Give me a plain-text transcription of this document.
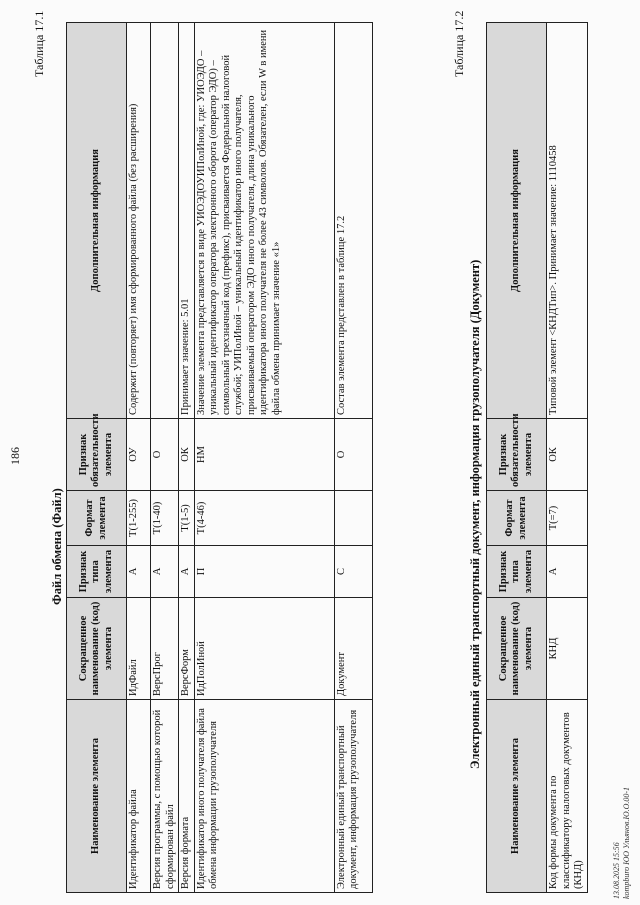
186
Таблица 17.1
Файл обмена (Файл)
Наименование элемента	Сокращенное наименование (код) элемента	Признак типа элемента	Формат элемента	Признак обязательности элемента	Дополнительная информация
Идентификатор файла	ИдФайл	А	T(1-255)	ОУ	Содержит (повторяет) имя сформированного файла (без расширения)
Версия программы, с помощью которой сформирован файл	ВерсПрог	А	T(1-40)	О	
Версия формата	ВерсФорм	А	T(1-5)	ОК	Принимает значение: 5.01
Идентификатор иного получателя файла обмена информации грузополучателя	ИдПолИной	П	T(4-46)	НМ	Значение элемента представляется в виде УИОЭДОУИПолИной, где: УИОЭДО – уникальный идентификатор оператора электронного оборота (оператор ЭДО) – символьный трехзначный код (префикс), присваивается Федеральной налоговой службой; УИПолИной – уникальный идентификатор иного получателя, присваиваемый оператором ЭДО иного получателя, длина уникального идентификатора иного получателя не более 43 символов. Обязателен, если W в имени файла обмена принимает значение «1»
Электронный единый транспортный документ, информация грузополучателя	Документ	С		О	Состав элемента представлен в таблице 17.2
Таблица 17.2
Электронный единый транспортный документ, информация грузополучателя (Документ)
Наименование элемента	Сокращенное наименование (код) элемента	Признак типа элемента	Формат элемента	Признак обязательности элемента	Дополнительная информация
Код формы документа по классификатору налоговых документов (КНД)	КНД	А	T(=7)	ОК	Типовой элемент <КНДТип>. Принимает значение: 1110458
13.08.2025 15:56 kompburo ЮО Ульянов.Ю.О.00-1
